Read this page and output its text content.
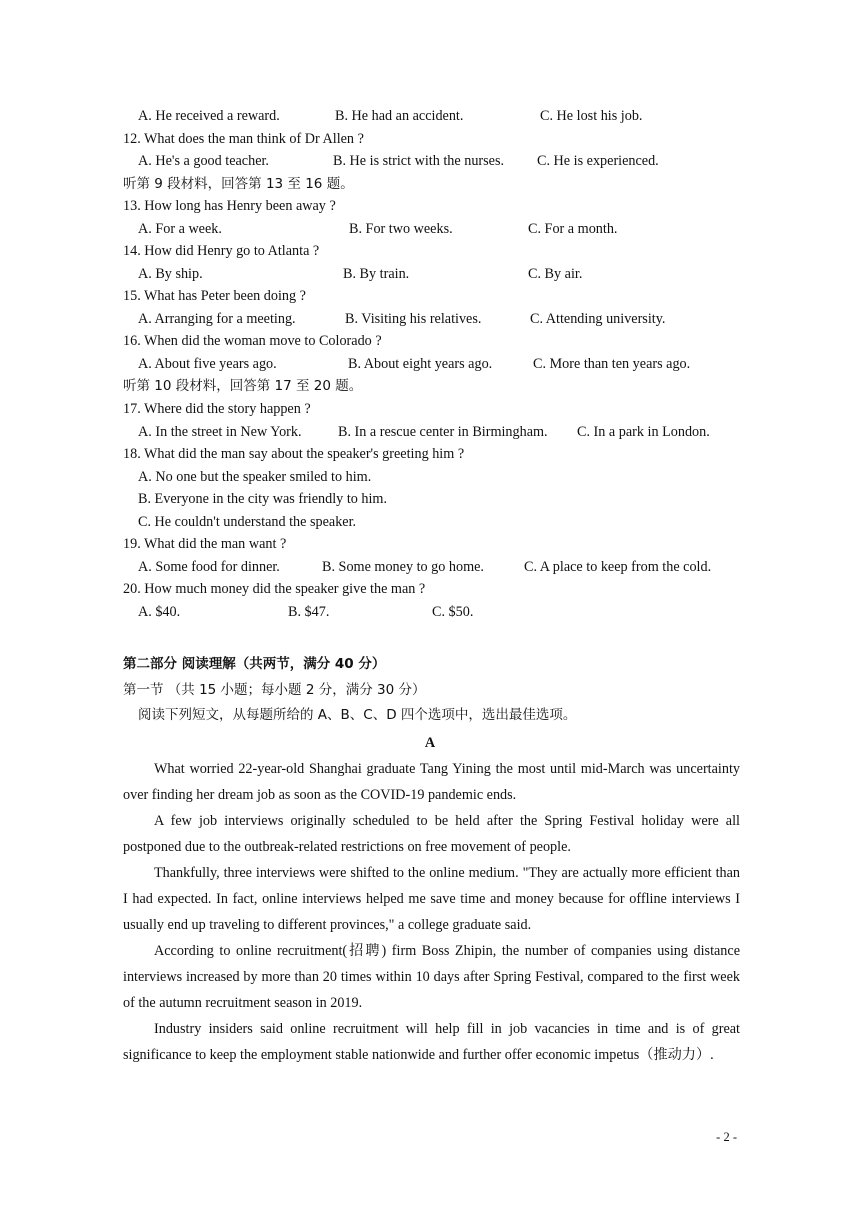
A. He received a reward.	B. He had an accident.	C. He lost his job.
12. What does the man think of Dr Allen ?
A. He's a good teacher.	B. He is strict with the nurses. C. He is experienced.
听第 9 段材料，回答第 13 至 16 题。
13. How long has Henry been away ?
A. For a week.	B. For two weeks.	C. For a month.
14. How did Henry go to Atlanta ?
A. By ship.	B. By train.	C. By air.
15. What has Peter been doing ?
A. Arranging for a meeting.	B. Visiting his relatives.	C. Attending university.
16. When did the woman move to Colorado ?
A. About five years ago.	B. About eight years ago.	C. More than ten years ago.
听第 10 段材料，回答第 17 至 20 题。
17. Where did the story happen ?
A. In the street in New York.	B. In a rescue center in Birmingham. C. In a park in London.
18. What did the man say about the speaker's greeting him ?
A. No one but the speaker smiled to him.
B. Everyone in the city was friendly to him.
C. He couldn't understand the speaker.
19. What did the man want ?
A. Some food for dinner.	B. Some money to go home.	C. A place to keep from the cold.
20. How much money did the speaker give the man ?
A. $40.	B. $47.	C. $50.
第二部分 阅读理解（共两节，满分 40 分）
第一节 （共 15 小题；每小题 2 分，满分 30 分）
阅读下列短文，从每题所给的 A、B、C、D 四个选项中，选出最佳选项。
A
What worried 22-year-old Shanghai graduate Tang Yining the most until mid-March was uncertainty over finding her dream job as soon as the COVID-19 pandemic ends.
A few job interviews originally scheduled to be held after the Spring Festival holiday were all postponed due to the outbreak-related restrictions on free movement of people.
Thankfully, three interviews were shifted to the online medium. "They are actually more efficient than I had expected. In fact, online interviews helped me save time and money because for offline interviews I usually end up traveling to different provinces," a college graduate said.
According to online recruitment(招聘) firm Boss Zhipin, the number of companies using distance interviews increased by more than 20 times within 10 days after Spring Festival, compared to the first week of the autumn recruitment season in 2019.
Industry insiders said online recruitment will help fill in job vacancies in time and is of great significance to keep the employment stable nationwide and further offer economic impetus（推动力）.
- 2 -
